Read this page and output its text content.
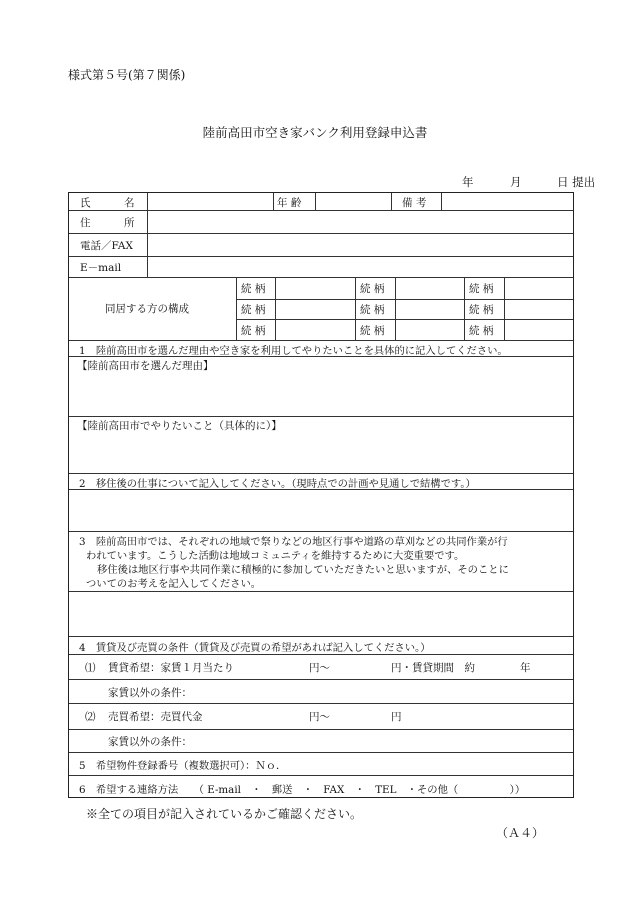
様式第５号(第７関係)
陸前高田市空き家バンク利用登録申込書
年	月	日 提出
氏	名	年 齢	備 考
住	所
電話／FAX
E－mail
同居する方の構成
続 柄	続 柄	続 柄
続 柄	続 柄	続 柄
続 柄	続 柄	続 柄
1　陸前高田市を選んだ理由や空き家を利用してやりたいことを具体的に記入してください。
【陸前高田市を選んだ理由】
【陸前高田市でやりたいこと（具体的に）】
2　移住後の仕事について記入してください。（現時点での計画や見通しで結構です。）
3　陸前高田市では、それぞれの地域で祭りなどの地区行事や道路の草刈などの共同作業が行
われています。こうした活動は地域コミュニティを維持するために大変重要です。
移住後は地区行事や共同作業に積極的に参加していただきたいと思いますが、そのことに
ついてのお考えを記入してください。
4　賃貸及び売買の条件（賃貸及び売買の希望があれば記入してください。）
⑴ 賃貸希望：家賃１月当たり	円～	円・賃貸期間　約	年
家賃以外の条件：
⑵ 売買希望：売買代金	円～	円
家賃以外の条件：
5　希望物件登録番号（複数選択可）：Ｎｏ．
6　希望する連絡方法　　（ E-mail　・　郵送　・　FAX　・　TEL　・その他（　　　　　））
※全ての項目が記入されているかご確認ください。
（Ａ４）
